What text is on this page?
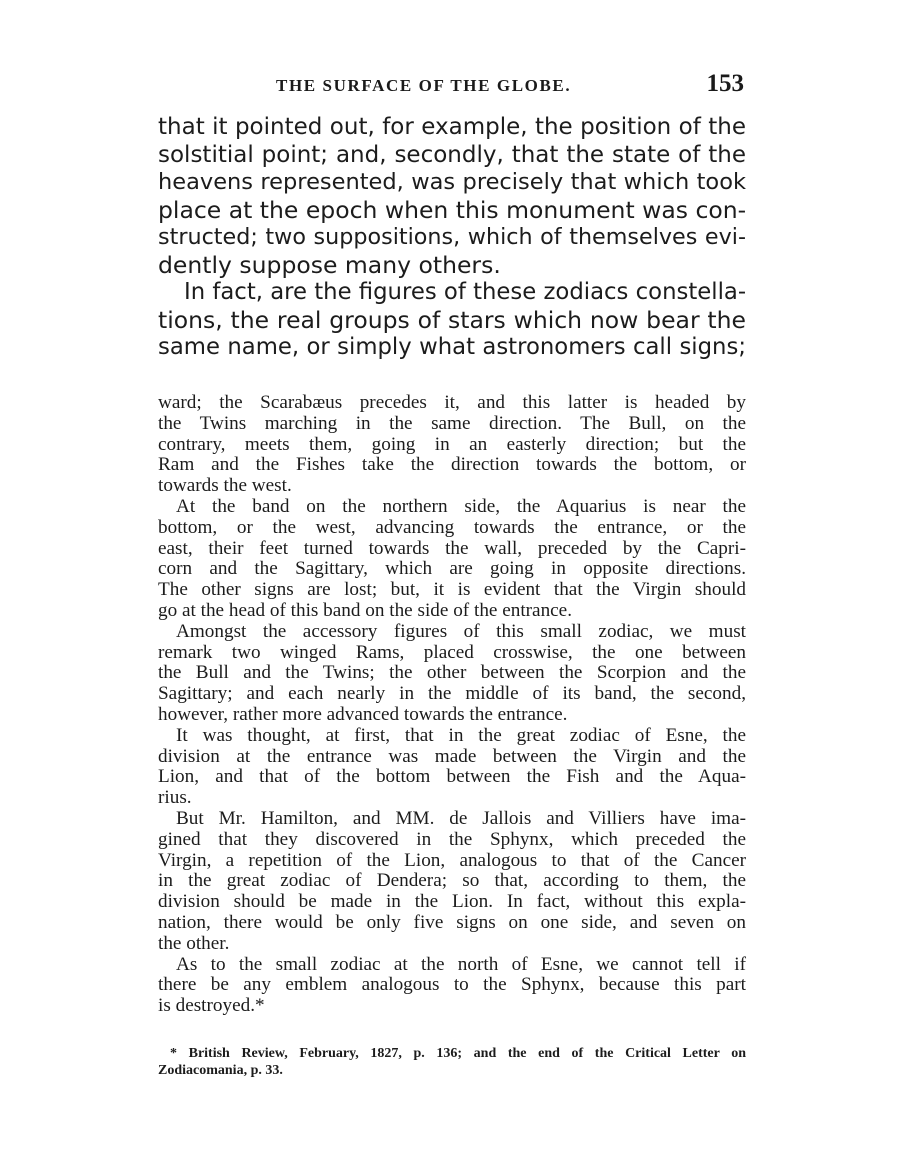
THE SURFACE OF THE GLOBE.	153
that it pointed out, for example, the position of the
solstitial point; and, secondly, that the state of the
heavens represented, was precisely that which took
place at the epoch when this monument was con-
structed; two suppositions, which of themselves evi-
dently suppose many others.
In fact, are the figures of these zodiacs constella-
tions, the real groups of stars which now bear the
same name, or simply what astronomers call signs;
ward; the Scarabæus precedes it, and this latter is headed by
the Twins marching in the same direction. The Bull, on the
contrary, meets them, going in an easterly direction; but the
Ram and the Fishes take the direction towards the bottom, or
towards the west.
At the band on the northern side, the Aquarius is near the
bottom, or the west, advancing towards the entrance, or the
east, their feet turned towards the wall, preceded by the Capri-
corn and the Sagittary, which are going in opposite directions.
The other signs are lost; but, it is evident that the Virgin should
go at the head of this band on the side of the entrance.
Amongst the accessory figures of this small zodiac, we must
remark two winged Rams, placed crosswise, the one between
the Bull and the Twins; the other between the Scorpion and the
Sagittary; and each nearly in the middle of its band, the second,
however, rather more advanced towards the entrance.
It was thought, at first, that in the great zodiac of Esne, the
division at the entrance was made between the Virgin and the
Lion, and that of the bottom between the Fish and the Aqua-
rius.
But Mr. Hamilton, and MM. de Jallois and Villiers have ima-
gined that they discovered in the Sphynx, which preceded the
Virgin, a repetition of the Lion, analogous to that of the Cancer
in the great zodiac of Dendera; so that, according to them, the
division should be made in the Lion. In fact, without this expla-
nation, there would be only five signs on one side, and seven on
the other.
As to the small zodiac at the north of Esne, we cannot tell if
there be any emblem analogous to the Sphynx, because this part
is destroyed.*
* British Review, February, 1827, p. 136; and the end of the Critical Letter on
Zodiacomania, p. 33.
